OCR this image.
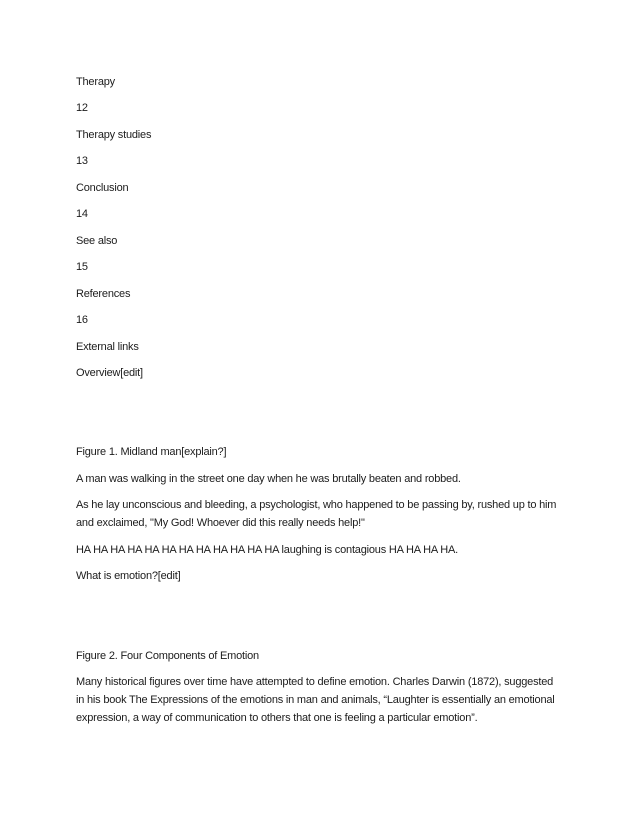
Therapy
12
Therapy studies
13
Conclusion
14
See also
15
References
16
External links
Overview[edit]
Figure 1. Midland man[explain?]
A man was walking in the street one day when he was brutally beaten and robbed.
As he lay unconscious and bleeding, a psychologist, who happened to be passing by, rushed up to him
and exclaimed, "My God! Whoever did this really needs help!"
HA HA HA HA HA HA HA HA HA HA HA HA laughing is contagious HA HA HA HA.
What is emotion?[edit]
Figure 2. Four Components of Emotion
Many historical figures over time have attempted to define emotion. Charles Darwin (1872), suggested
in his book The Expressions of the emotions in man and animals, “Laughter is essentially an emotional
expression, a way of communication to others that one is feeling a particular emotion”.
